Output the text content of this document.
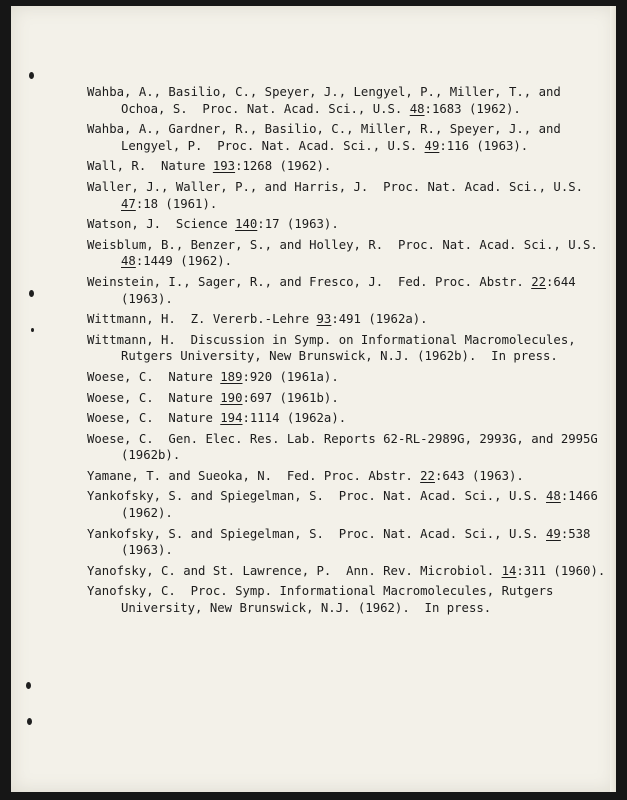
Wahba, A., Basilio, C., Speyer, J., Lengyel, P., Miller, T., and Ochoa, S.  Proc. Nat. Acad. Sci., U.S. 48:1683 (1962).
Wahba, A., Gardner, R., Basilio, C., Miller, R., Speyer, J., and Lengyel, P.  Proc. Nat. Acad. Sci., U.S. 49:116 (1963).
Wall, R.  Nature 193:1268 (1962).
Waller, J., Waller, P., and Harris, J.  Proc. Nat. Acad. Sci., U.S. 47:18 (1961).
Watson, J.  Science 140:17 (1963).
Weisblum, B., Benzer, S., and Holley, R.  Proc. Nat. Acad. Sci., U.S. 48:1449 (1962).
Weinstein, I., Sager, R., and Fresco, J.  Fed. Proc. Abstr. 22:644 (1963).
Wittmann, H.  Z. Vererb.-Lehre 93:491 (1962a).
Wittmann, H.  Discussion in Symp. on Informational Macromolecules, Rutgers University, New Brunswick, N.J. (1962b).  In press.
Woese, C.  Nature 189:920 (1961a).
Woese, C.  Nature 190:697 (1961b).
Woese, C.  Nature 194:1114 (1962a).
Woese, C.  Gen. Elec. Res. Lab. Reports 62-RL-2989G, 2993G, and 2995G (1962b).
Yamane, T. and Sueoka, N.  Fed. Proc. Abstr. 22:643 (1963).
Yankofsky, S. and Spiegelman, S.  Proc. Nat. Acad. Sci., U.S. 48:1466 (1962).
Yankofsky, S. and Spiegelman, S.  Proc. Nat. Acad. Sci., U.S. 49:538 (1963).
Yanofsky, C. and St. Lawrence, P.  Ann. Rev. Microbiol. 14:311 (1960).
Yanofsky, C.  Proc. Symp. Informational Macromolecules, Rutgers University, New Brunswick, N.J. (1962).  In press.
